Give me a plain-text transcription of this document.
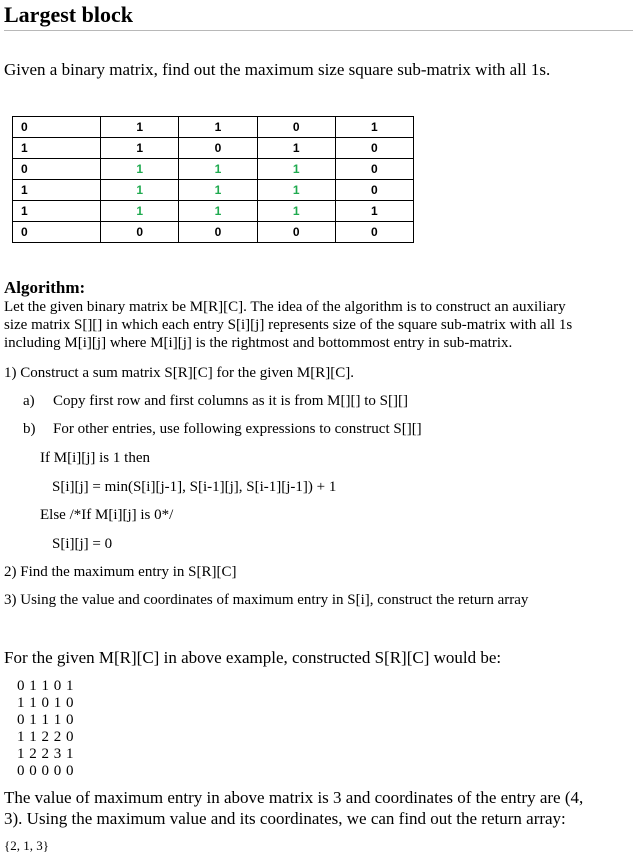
Largest block
Given a binary matrix, find out the maximum size square sub-matrix with all 1s.
0	1	1	0	1
1	1	0	1	0
0	1	1	1	0
1	1	1	1	0
1	1	1	1	1
0	0	0	0	0
Algorithm:
Let the given binary matrix be M[R][C]. The idea of the algorithm is to construct an auxiliary
size matrix S[][] in which each entry S[i][j] represents size of the square sub-matrix with all 1s
including M[i][j] where M[i][j] is the rightmost and bottommost entry in sub-matrix.
1) Construct a sum matrix S[R][C] for the given M[R][C].
a) Copy first row and first columns as it is from M[][] to S[][]
b) For other entries, use following expressions to construct S[][]
If M[i][j] is 1 then
S[i][j] = min(S[i][j-1], S[i-1][j], S[i-1][j-1]) + 1
Else /*If M[i][j] is 0*/
S[i][j] = 0
2) Find the maximum entry in S[R][C]
3) Using the value and coordinates of maximum entry in S[i], construct the return array
For the given M[R][C] in above example, constructed S[R][C] would be:
0 1 1 0 1
1 1 0 1 0
0 1 1 1 0
1 1 2 2 0
1 2 2 3 1
0 0 0 0 0
The value of maximum entry in above matrix is 3 and coordinates of the entry are (4,
3). Using the maximum value and its coordinates, we can find out the return array:
{2, 1, 3}
